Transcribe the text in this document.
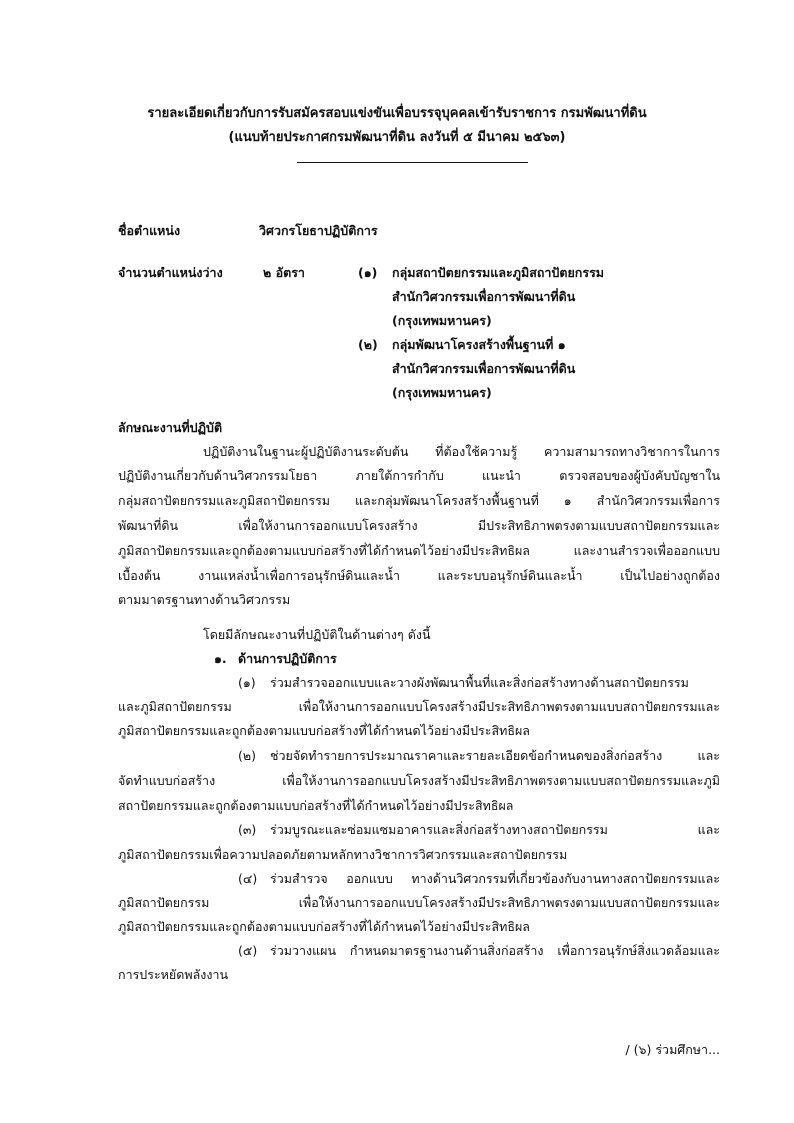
รายละเอียดเกี่ยวกับการรับสมัครสอบแข่งขันเพื่อบรรจุบุคคลเข้ารับราชการ กรมพัฒนาที่ดิน
(แนบท้ายประกาศกรมพัฒนาที่ดิน ลงวันที่ ๕ มีนาคม ๒๕๖๓)
ชื่อตำแหน่ง	วิศวกรโยธาปฏิบัติการ
จำนวนตำแหน่งว่าง	๒ อัตรา	(๑) กลุ่มสถาปัตยกรรมและภูมิสถาปัตยกรรม
สำนักวิศวกรรมเพื่อการพัฒนาที่ดิน
(กรุงเทพมหานคร)
(๒) กลุ่มพัฒนาโครงสร้างพื้นฐานที่ ๑
สำนักวิศวกรรมเพื่อการพัฒนาที่ดิน
(กรุงเทพมหานคร)
ลักษณะงานที่ปฏิบัติ
ปฏิบัติงานในฐานะผู้ปฏิบัติงานระดับต้น ที่ต้องใช้ความรู้ ความสามารถทางวิชาการในการ
ปฏิบัติงานเกี่ยวกับด้านวิศวกรรมโยธา ภายใต้การกำกับ แนะนำ ตรวจสอบของผู้บังคับบัญชาใน
กลุ่มสถาปัตยกรรมและภูมิสถาปัตยกรรม และกลุ่มพัฒนาโครงสร้างพื้นฐานที่ ๑ สำนักวิศวกรรมเพื่อการ
พัฒนาที่ดิน เพื่อให้งานการออกแบบโครงสร้าง มีประสิทธิภาพตรงตามแบบสถาปัตยกรรมและ
ภูมิสถาปัตยกรรมและถูกต้องตามแบบก่อสร้างที่ได้กำหนดไว้อย่างมีประสิทธิผล และงานสำรวจเพื่อออกแบบ
เบื้องต้น งานแหล่งน้ำเพื่อการอนุรักษ์ดินและน้ำ และระบบอนุรักษ์ดินและน้ำ เป็นไปอย่างถูกต้อง
ตามมาตรฐานทางด้านวิศวกรรม
โดยมีลักษณะงานที่ปฏิบัติในด้านต่างๆ ดังนี้
๑. ด้านการปฏิบัติการ
(๑) ร่วมสำรวจออกแบบและวางผังพัฒนาพื้นที่และสิ่งก่อสร้างทางด้านสถาปัตยกรรม
และภูมิสถาปัตยกรรม เพื่อให้งานการออกแบบโครงสร้างมีประสิทธิภาพตรงตามแบบสถาปัตยกรรมและ
ภูมิสถาปัตยกรรมและถูกต้องตามแบบก่อสร้างที่ได้กำหนดไว้อย่างมีประสิทธิผล
(๒) ช่วยจัดทำรายการประมาณราคาและรายละเอียดข้อกำหนดของสิ่งก่อสร้าง และ
จัดทำแบบก่อสร้าง เพื่อให้งานการออกแบบโครงสร้างมีประสิทธิภาพตรงตามแบบสถาปัตยกรรมและภูมิ
สถาปัตยกรรมและถูกต้องตามแบบก่อสร้างที่ได้กำหนดไว้อย่างมีประสิทธิผล
(๓) ร่วมบูรณะและซ่อมแซมอาคารและสิ่งก่อสร้างทางสถาปัตยกรรม และ
ภูมิสถาปัตยกรรมเพื่อความปลอดภัยตามหลักทางวิชาการวิศวกรรมและสถาปัตยกรรม
(๔) ร่วมสำรวจ ออกแบบ ทางด้านวิศวกรรมที่เกี่ยวข้องกับงานทางสถาปัตยกรรมและ
ภูมิสถาปัตยกรรม เพื่อให้งานการออกแบบโครงสร้างมีประสิทธิภาพตรงตามแบบสถาปัตยกรรมและ
ภูมิสถาปัตยกรรมและถูกต้องตามแบบก่อสร้างที่ได้กำหนดไว้อย่างมีประสิทธิผล
(๕) ร่วมวางแผน กำหนดมาตรฐานงานด้านสิ่งก่อสร้าง เพื่อการอนุรักษ์สิ่งแวดล้อมและ
การประหยัดพลังงาน
/ (๖) ร่วมศึกษา...
